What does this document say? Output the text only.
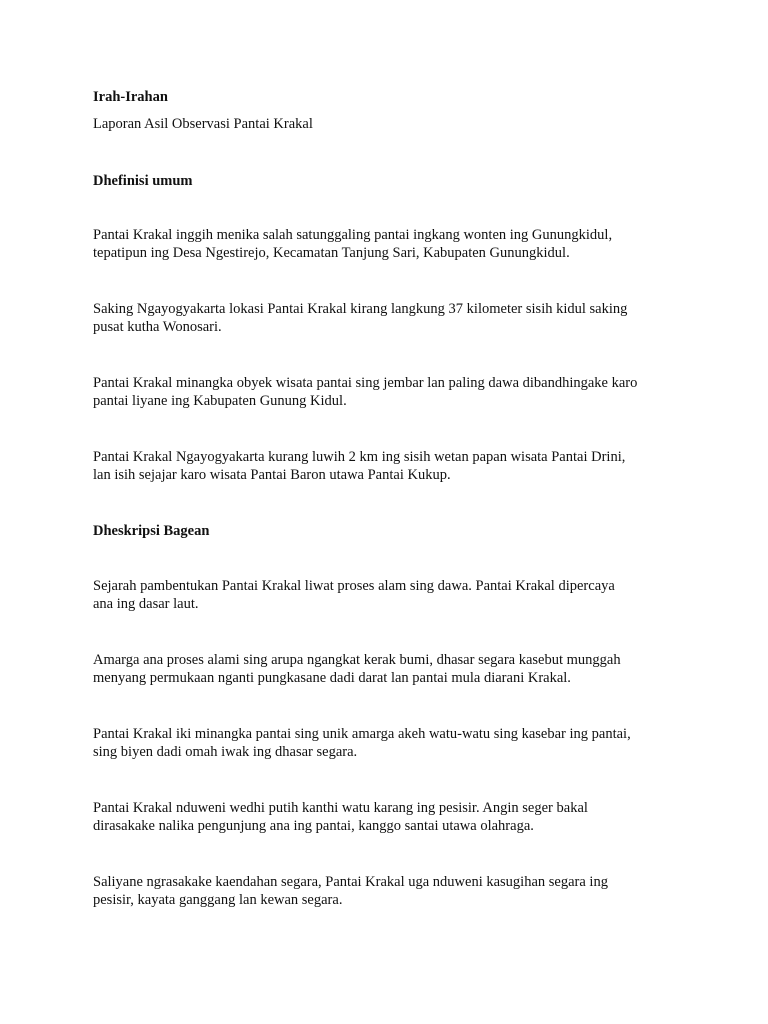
Irah-Irahan

Laporan Asil Observasi Pantai Krakal

Dhefinisi umum

Pantai Krakal inggih menika salah satunggaling pantai ingkang wonten ing Gunungkidul,
tepatipun ing Desa Ngestirejo, Kecamatan Tanjung Sari, Kabupaten Gunungkidul.

Saking Ngayogyakarta lokasi Pantai Krakal kirang langkung 37 kilometer sisih kidul saking
pusat kutha Wonosari.

Pantai Krakal minangka obyek wisata pantai sing jembar lan paling dawa dibandhingake karo
pantai liyane ing Kabupaten Gunung Kidul.

Pantai Krakal Ngayogyakarta kurang luwih 2 km ing sisih wetan papan wisata Pantai Drini,
lan isih sejajar karo wisata Pantai Baron utawa Pantai Kukup.

Dheskripsi Bagean

Sejarah pambentukan Pantai Krakal liwat proses alam sing dawa. Pantai Krakal dipercaya
ana ing dasar laut.

Amarga ana proses alami sing arupa ngangkat kerak bumi, dhasar segara kasebut munggah
menyang permukaan nganti pungkasane dadi darat lan pantai mula diarani Krakal.

Pantai Krakal iki minangka pantai sing unik amarga akeh watu-watu sing kasebar ing pantai,
sing biyen dadi omah iwak ing dhasar segara.

Pantai Krakal nduweni wedhi putih kanthi watu karang ing pesisir. Angin seger bakal
dirasakake nalika pengunjung ana ing pantai, kanggo santai utawa olahraga.

Saliyane ngrasakake kaendahan segara, Pantai Krakal uga nduweni kasugihan segara ing
pesisir, kayata ganggang lan kewan segara.
